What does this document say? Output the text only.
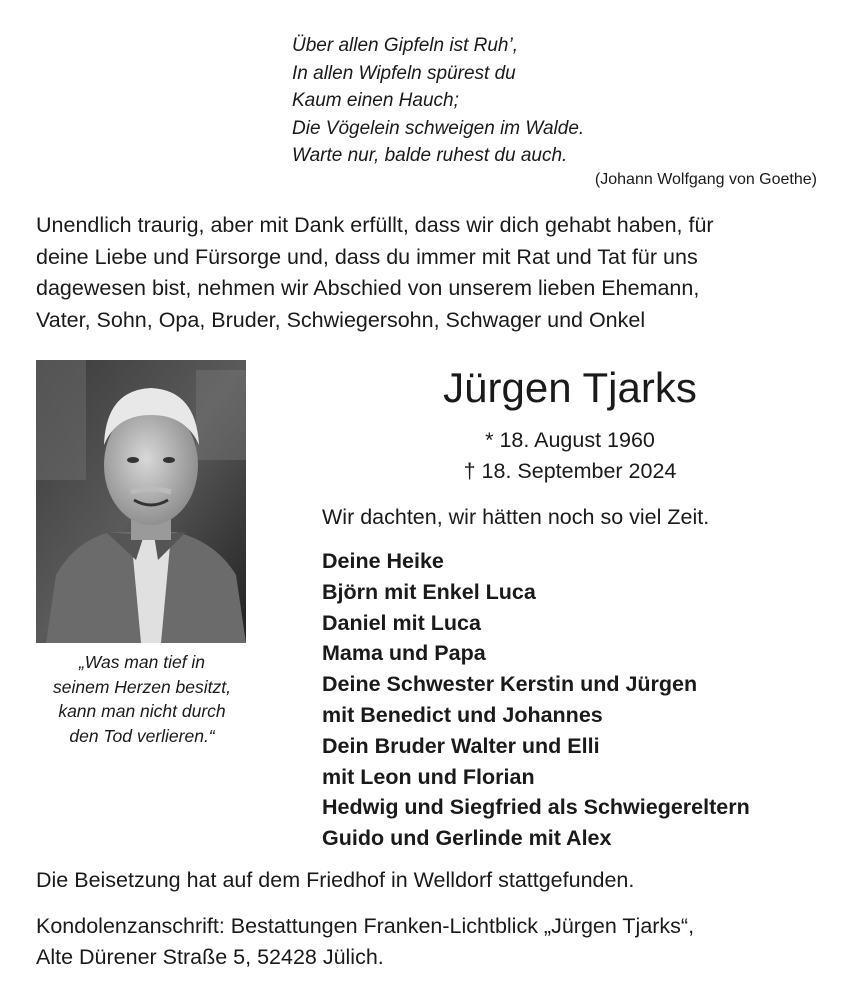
Über allen Gipfeln ist Ruh’,
In allen Wipfeln spürest du
Kaum einen Hauch;
Die Vögelein schweigen im Walde.
Warte nur, balde ruhest du auch.
(Johann Wolfgang von Goethe)
Unendlich traurig, aber mit Dank erfüllt, dass wir dich gehabt haben, für
deine Liebe und Fürsorge und, dass du immer mit Rat und Tat für uns
dagewesen bist, nehmen wir Abschied von unserem lieben Ehemann,
Vater, Sohn, Opa, Bruder, Schwiegersohn, Schwager und Onkel
„Was man tief in
seinem Herzen besitzt,
kann man nicht durch
den Tod verlieren.“
Jürgen Tjarks
* 18. August 1960
† 18. September 2024
Wir dachten, wir hätten noch so viel Zeit.
Deine Heike
Björn mit Enkel Luca
Daniel mit Luca
Mama und Papa
Deine Schwester Kerstin und Jürgen
mit Benedict und Johannes
Dein Bruder Walter und Elli
mit Leon und Florian
Hedwig und Siegfried als Schwiegereltern
Guido und Gerlinde mit Alex
Die Beisetzung hat auf dem Friedhof in Welldorf stattgefunden.
Kondolenzanschrift: Bestattungen Franken-Lichtblick „Jürgen Tjarks“,
Alte Dürener Straße 5, 52428 Jülich.
